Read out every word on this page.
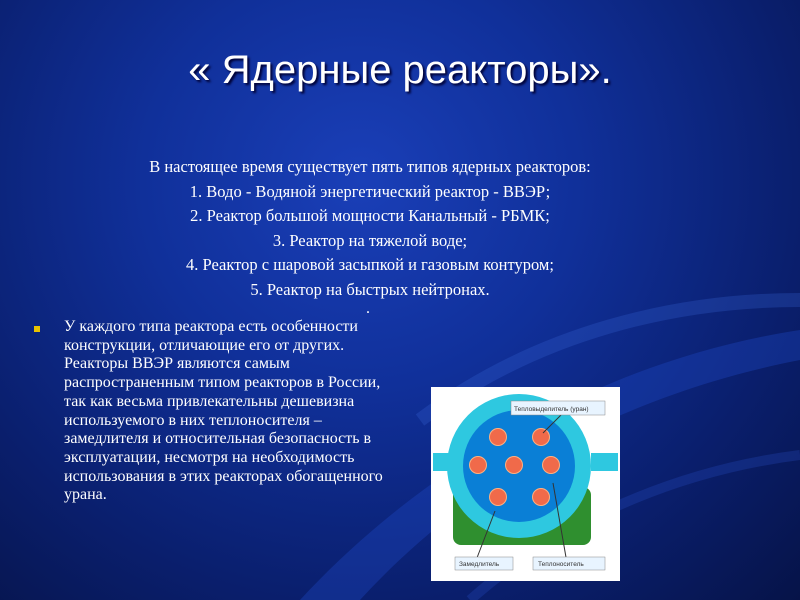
« Ядерные реакторы».
В настоящее время существует пять типов ядерных реакторов:
1. Водо - Водяной энергетический реактор - ВВЭР;
2. Реактор большой мощности Канальный - РБМК;
3. Реактор на тяжелой воде;
4. Реактор с шаровой засыпкой и газовым контуром;
5. Реактор на быстрых нейтронах.
.
У каждого типа реактора есть особенности конструкции, отличающие его от других. Реакторы ВВЭР являются самым распространенным типом реакторов в России, так как весьма привлекательны дешевизна используемого в них теплоносителя – замедлителя и относительная безопасность в эксплуатации, несмотря на необходимость использования в этих реакторах обогащенного урана.
Тепловыделитель (уран)
Замедлитель	Теплоноситель
